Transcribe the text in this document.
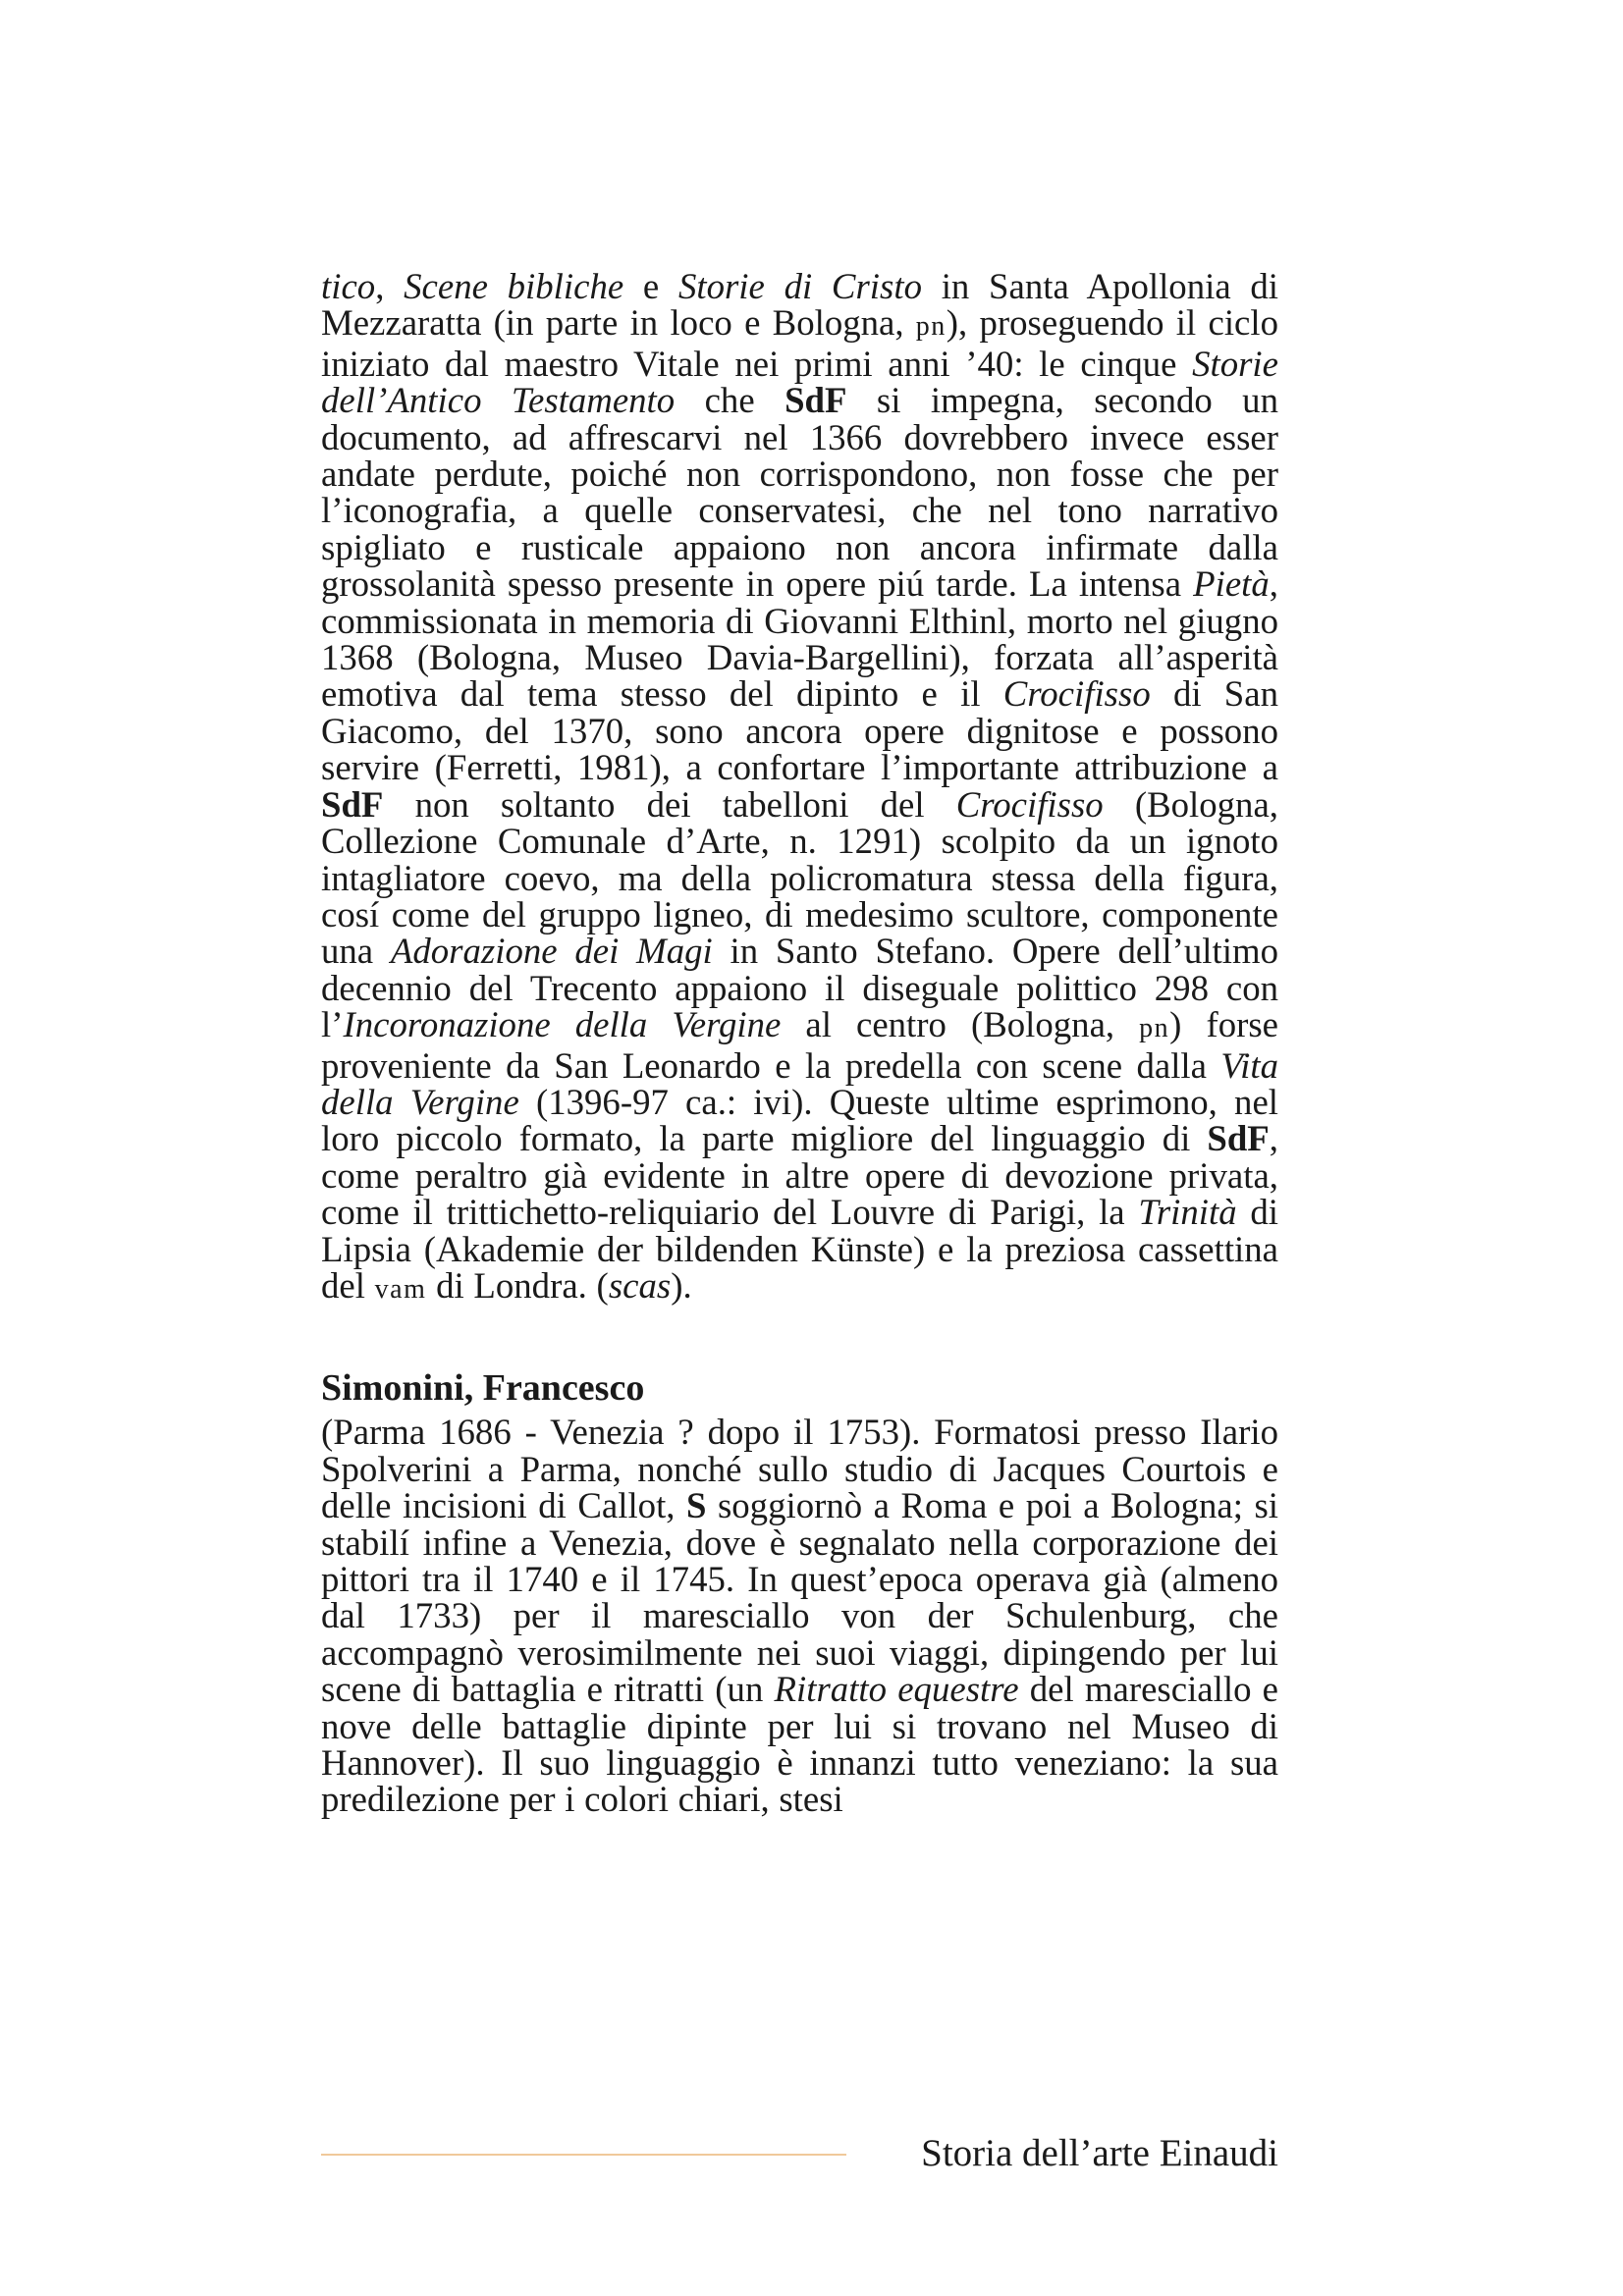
tico, Scene bibliche e Storie di Cristo in Santa Apollonia di Mezzaratta (in parte in loco e Bologna, pn), proseguendo il ciclo iniziato dal maestro Vitale nei primi anni ’40: le cinque Storie dell’Antico Testamento che SdF si impegna, secondo un documento, ad affrescarvi nel 1366 dovrebbero invece esser andate perdute, poiché non corrispondono, non fosse che per l’iconografia, a quelle conservatesi, che nel tono narrativo spigliato e rusticale appaiono non ancora infirmate dalla grossolanità spesso presente in opere piú tarde. La intensa Pietà, commissionata in memoria di Giovanni Elthinl, morto nel giugno 1368 (Bologna, Museo Davia-Bargellini), forzata all’asperità emotiva dal tema stesso del dipinto e il Crocifisso di San Giacomo, del 1370, sono ancora opere dignitose e possono servire (Ferretti, 1981), a confortare l’importante attribuzione a SdF non soltanto dei tabelloni del Crocifisso (Bologna, Collezione Comunale d’Arte, n. 1291) scolpito da un ignoto intagliatore coevo, ma della policromatura stessa della figura, cosí come del gruppo ligneo, di medesimo scultore, componente una Adorazione dei Magi in Santo Stefano. Opere dell’ultimo decennio del Trecento appaiono il diseguale polittico 298 con l’Incoronazione della Vergine al centro (Bologna, pn) forse proveniente da San Leonardo e la predella con scene dalla Vita della Vergine (1396-97 ca.: ivi). Queste ultime esprimono, nel loro piccolo formato, la parte migliore del linguaggio di SdF, come peraltro già evidente in altre opere di devozione privata, come il trittichetto-reliquiario del Louvre di Parigi, la Trinità di Lipsia (Akademie der bildenden Künste) e la preziosa cassettina del vam di Londra. (scas).

Simonini, Francesco

(Parma 1686 - Venezia ? dopo il 1753). Formatosi presso Ilario Spolverini a Parma, nonché sullo studio di Jacques Courtois e delle incisioni di Callot, S soggiornò a Roma e poi a Bologna; si stabilí infine a Venezia, dove è segnalato nella corporazione dei pittori tra il 1740 e il 1745. In quest’epoca operava già (almeno dal 1733) per il maresciallo von der Schulenburg, che accompagnò verosimilmente nei suoi viaggi, dipingendo per lui scene di battaglia e ritratti (un Ritratto equestre del maresciallo e nove delle battaglie dipinte per lui si trovano nel Museo di Hannover). Il suo linguaggio è innanzi tutto veneziano: la sua predilezione per i colori chiari, stesi

Storia dell’arte Einaudi
